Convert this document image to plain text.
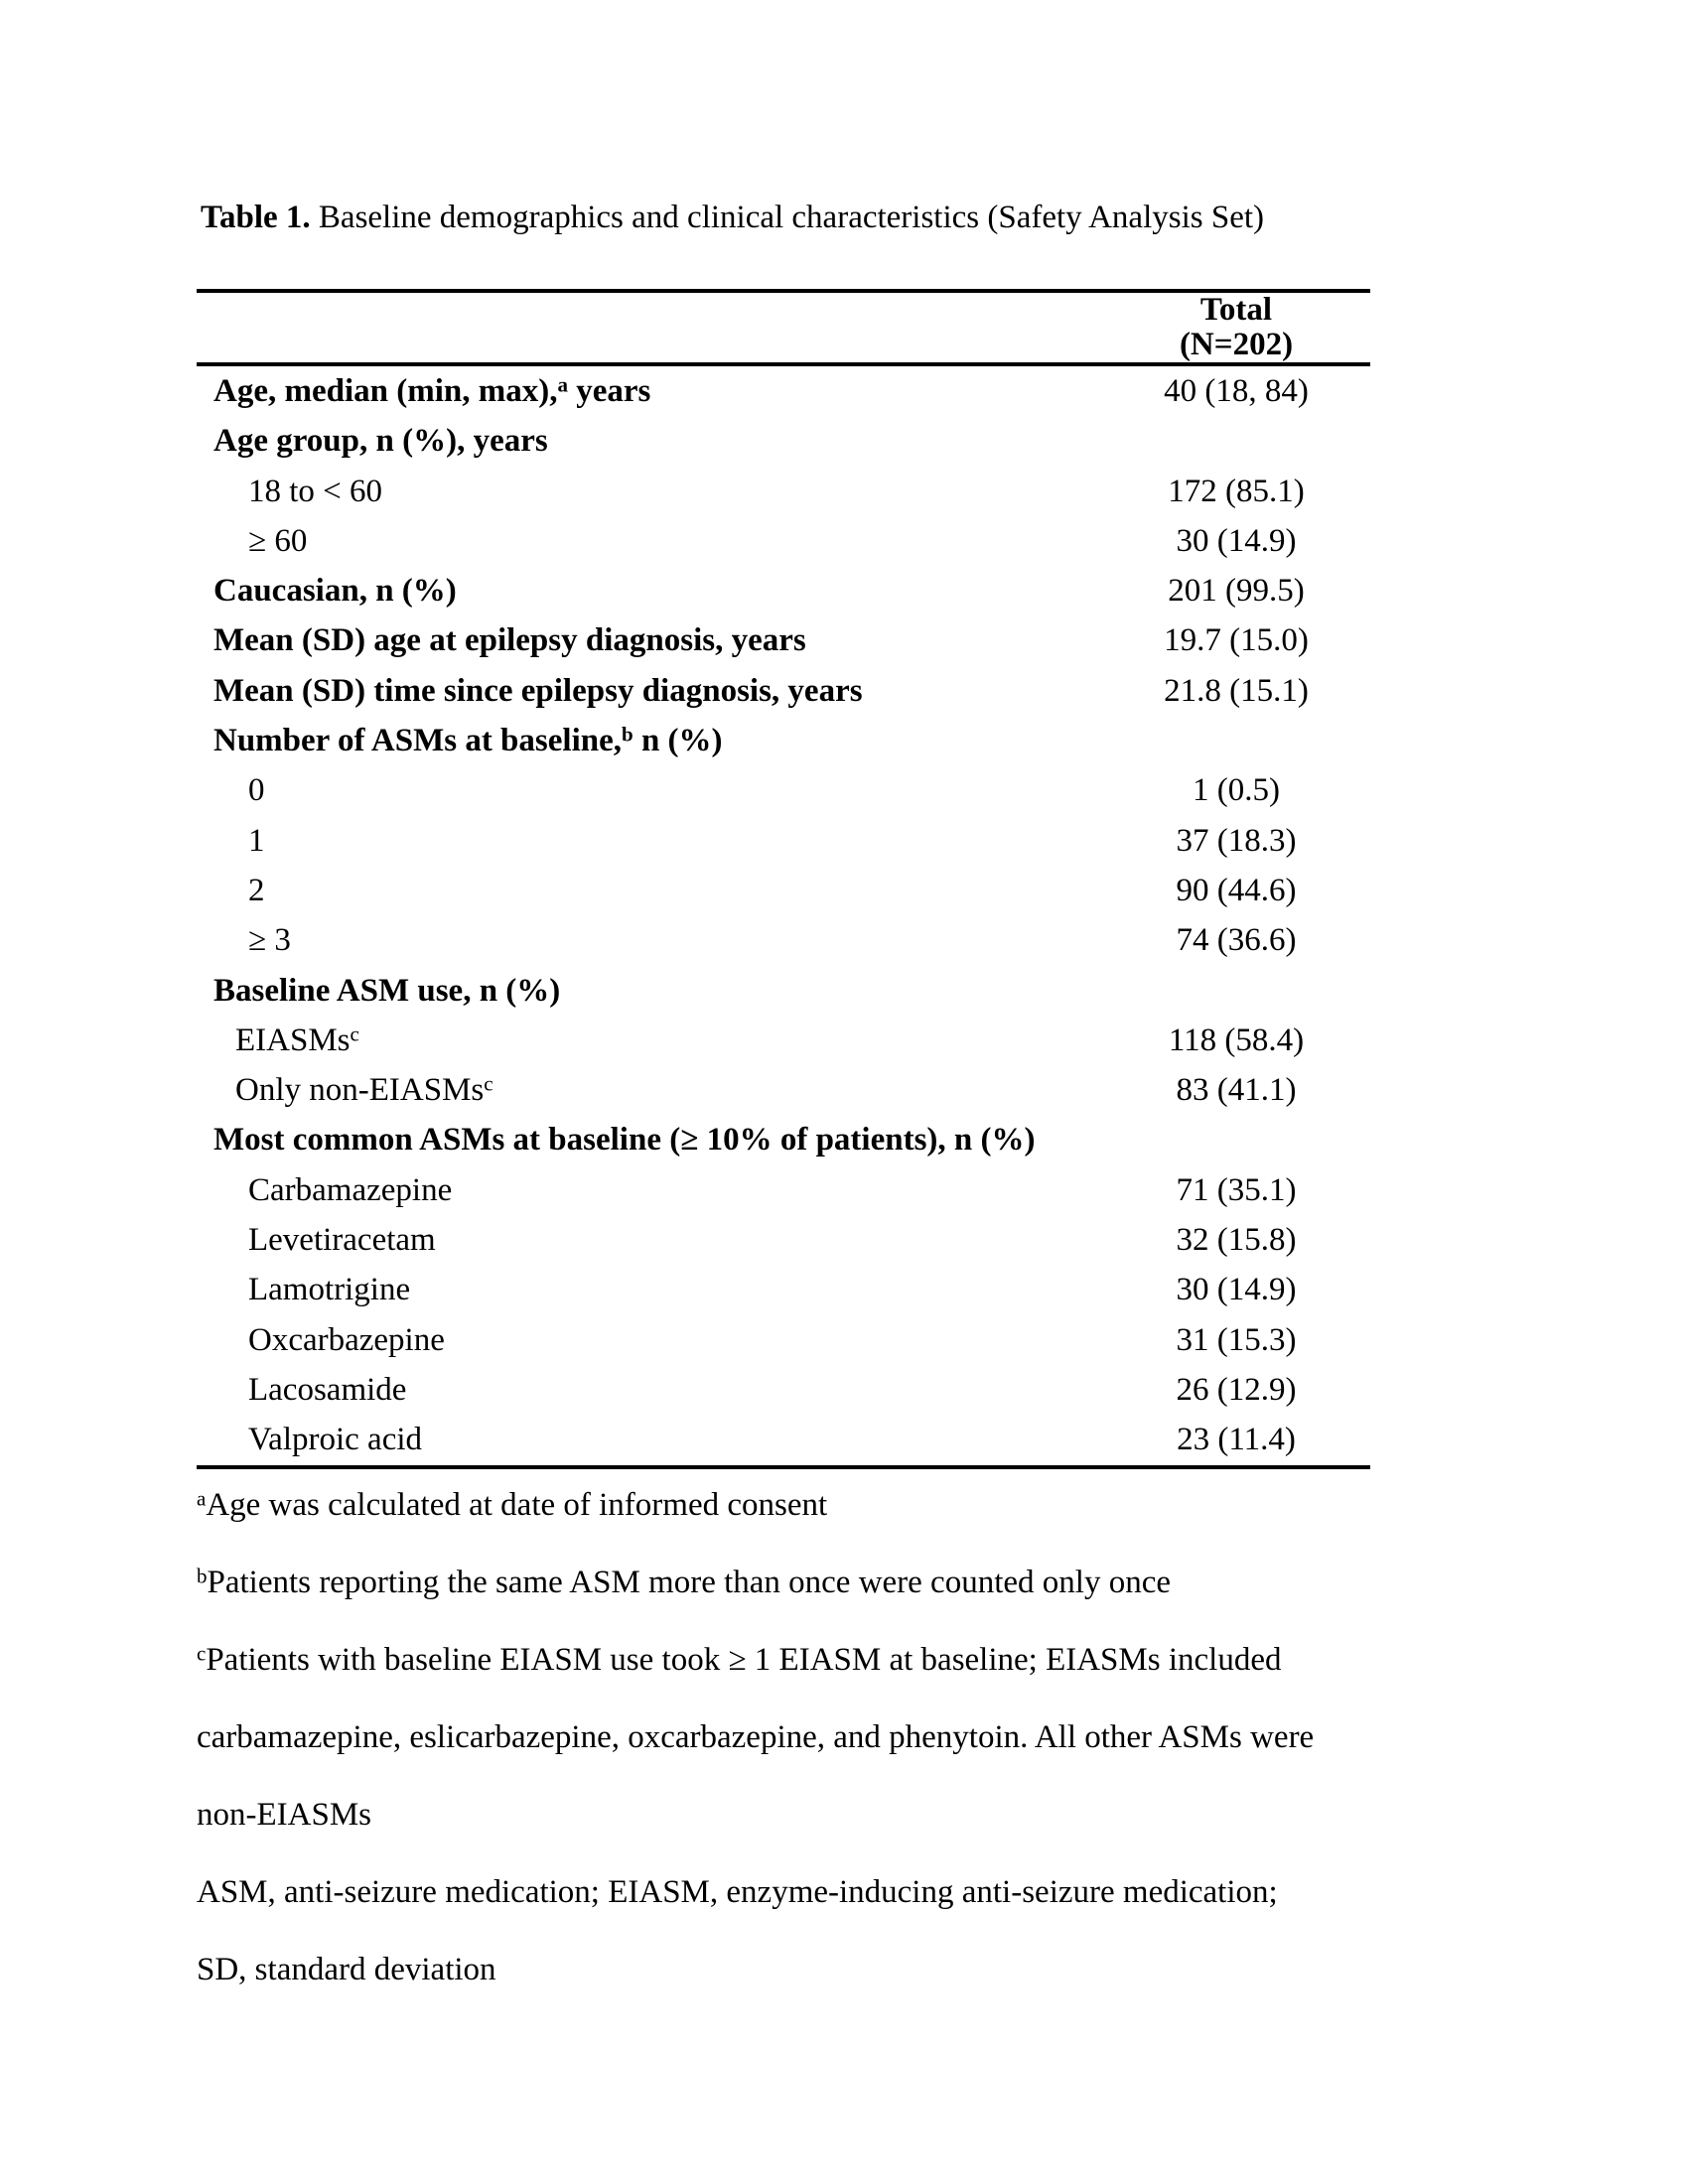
Table 1. Baseline demographics and clinical characteristics (Safety Analysis Set)

Total
(N=202)
Age, median (min, max),$^a$ years	40 (18, 84)
Age group, n (%), years
18 to < 60	172 (85.1)
≥ 60	30 (14.9)
Caucasian, n (%)	201 (99.5)
Mean (SD) age at epilepsy diagnosis, years	19.7 (15.0)
Mean (SD) time since epilepsy diagnosis, years	21.8 (15.1)
Number of ASMs at baseline,$^b$ n (%)
0	1 (0.5)
1	37 (18.3)
2	90 (44.6)
≥ 3	74 (36.6)
Baseline ASM use, n (%)
EIASMs$^c$	118 (58.4)
Only non-EIASMs$^c$	83 (41.1)
Most common ASMs at baseline (≥ 10% of patients), n (%)
Carbamazepine	71 (35.1)
Levetiracetam	32 (15.8)
Lamotrigine	30 (14.9)
Oxcarbazepine	31 (15.3)
Lacosamide	26 (12.9)
Valproic acid	23 (11.4)
$^a$Age was calculated at date of informed consent
$^b$Patients reporting the same ASM more than once were counted only once
$^c$Patients with baseline EIASM use took ≥ 1 EIASM at baseline; EIASMs included
carbamazepine, eslicarbazepine, oxcarbazepine, and phenytoin. All other ASMs were
non-EIASMs
ASM, anti-seizure medication; EIASM, enzyme-inducing anti-seizure medication;
SD, standard deviation
